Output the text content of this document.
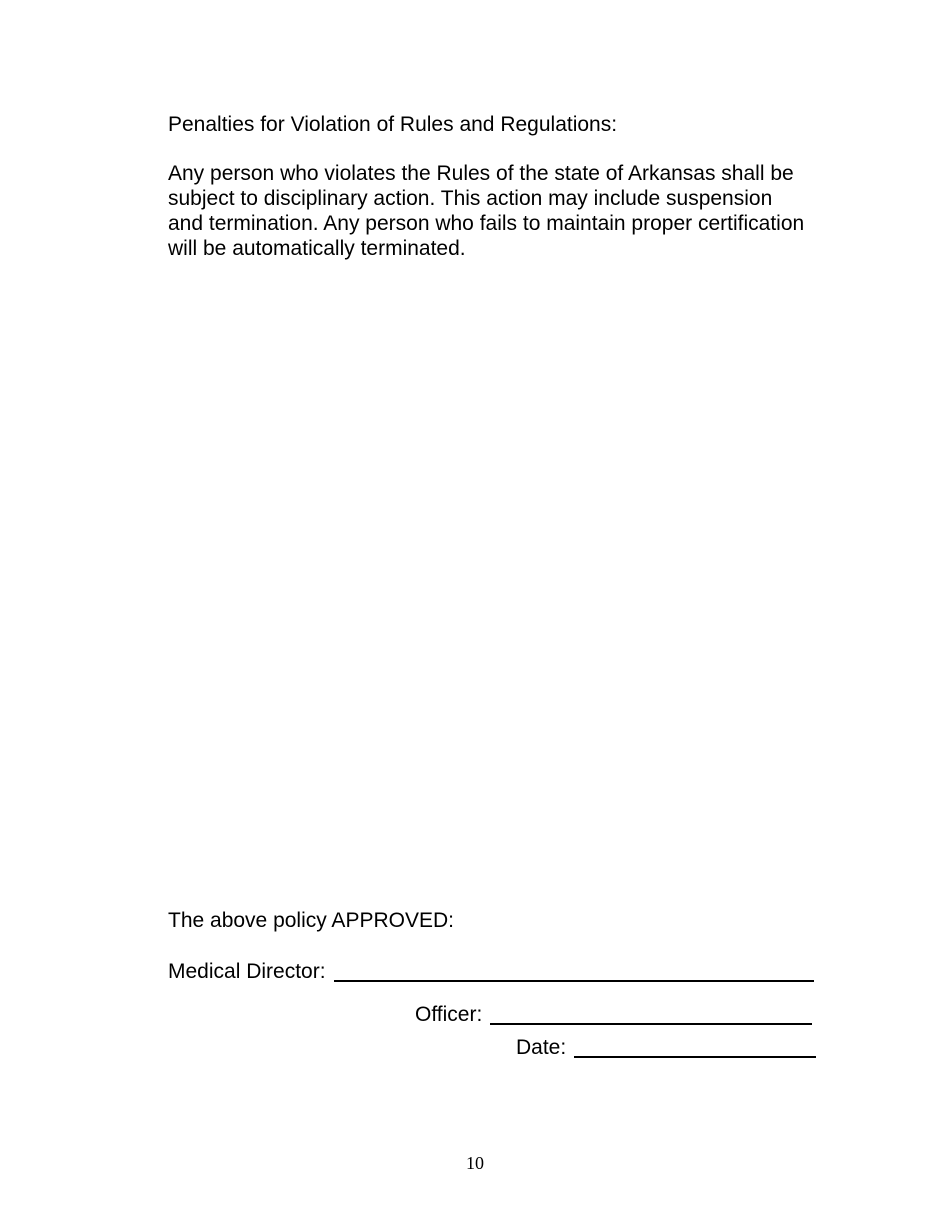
Penalties for Violation of Rules and Regulations:

Any person who violates the Rules of the state of Arkansas shall be subject to disciplinary action. This action may include suspension and termination. Any person who fails to maintain proper certification will be automatically terminated.

The above policy APPROVED:

Medical Director:
Officer:
Date:
10
